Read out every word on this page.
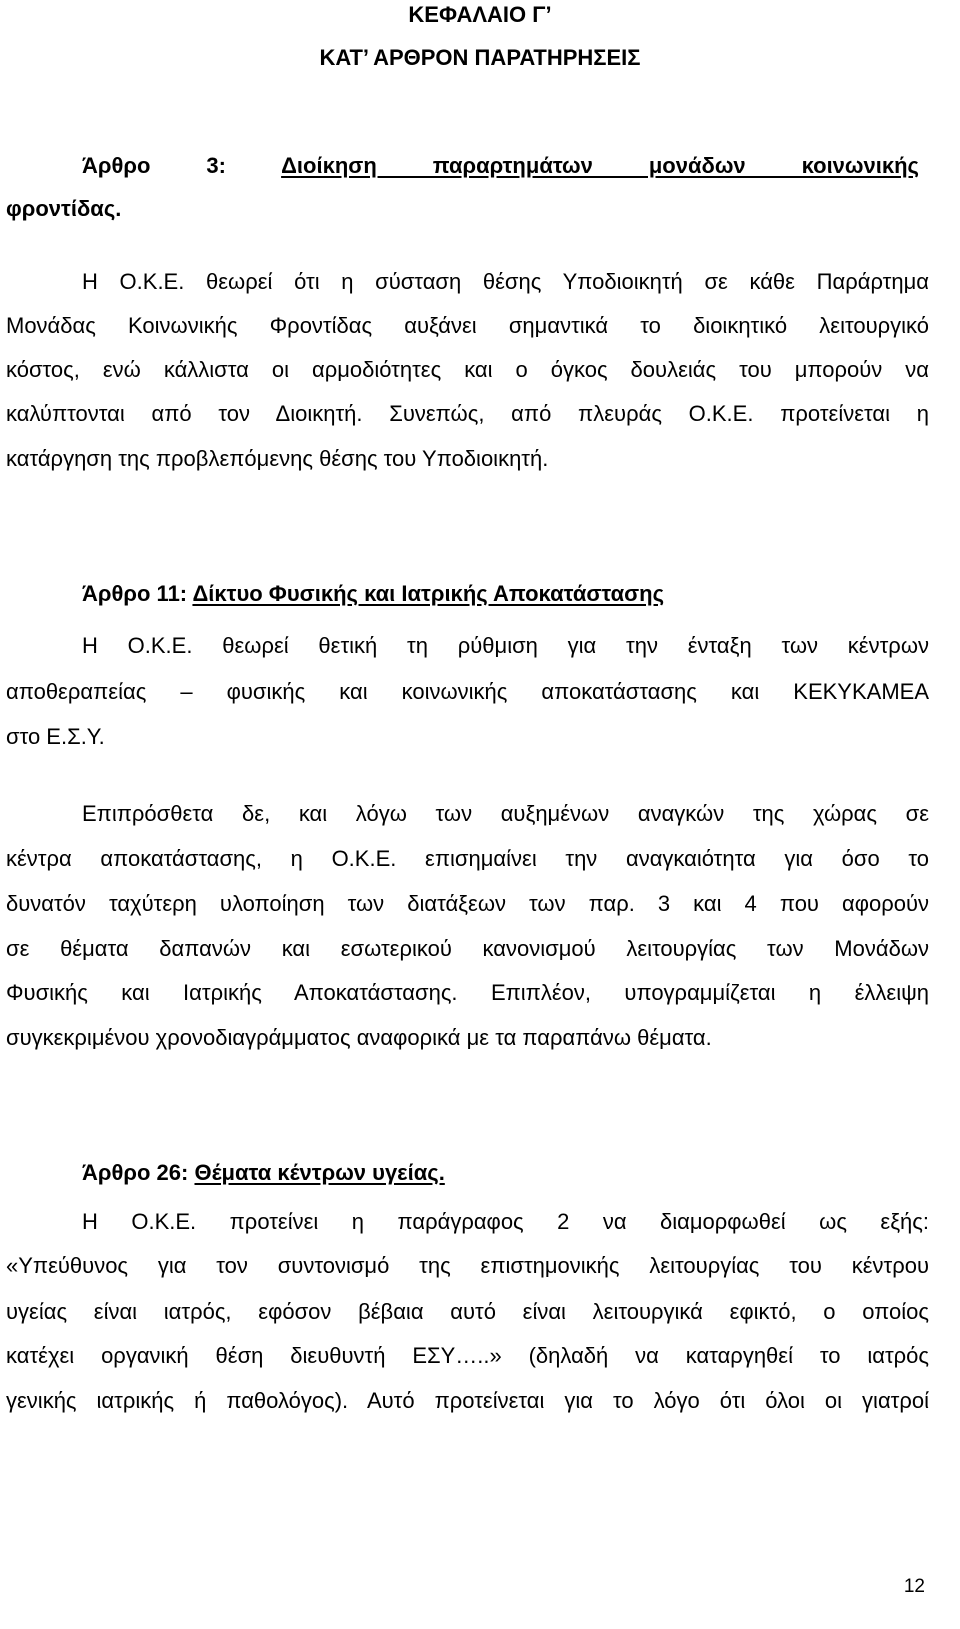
ΚΕΦΑΛΑΙΟ Γ’

ΚΑΤ’ ΑΡΘΡΟΝ ΠΑΡΑΤΗΡΗΣΕΙΣ

Άρθρο 3:	Διοίκηση παραρτημάτων μονάδων κοινωνικής

φροντίδας.

Η Ο.Κ.Ε. θεωρεί ότι η σύσταση θέσης Υποδιοικητή σε κάθε Παράρτημα

Μονάδας Κοινωνικής Φροντίδας αυξάνει σημαντικά το διοικητικό λειτουργικό

κόστος, ενώ κάλλιστα οι αρμοδιότητες και ο όγκος δουλειάς του μπορούν να

καλύπτονται από τον Διοικητή. Συνεπώς, από πλευράς Ο.Κ.Ε. προτείνεται η

κατάργηση της προβλεπόμενης θέσης του Υποδιοικητή.

Άρθρο 11: Δίκτυο Φυσικής και Ιατρικής Αποκατάστασης

Η Ο.Κ.Ε. θεωρεί θετική τη ρύθμιση για την ένταξη των κέντρων

αποθεραπείας – φυσικής και κοινωνικής αποκατάστασης και ΚΕΚΥΚΑΜΕΑ

στο Ε.Σ.Υ.

Επιπρόσθετα δε, και λόγω των αυξημένων αναγκών της χώρας σε

κέντρα αποκατάστασης, η Ο.Κ.Ε. επισημαίνει την αναγκαιότητα για όσο το

δυνατόν ταχύτερη υλοποίηση των διατάξεων των παρ. 3 και 4 που αφορούν

σε θέματα δαπανών και εσωτερικού κανονισμού λειτουργίας των Μονάδων

Φυσικής και Ιατρικής Αποκατάστασης. Επιπλέον, υπογραμμίζεται η έλλειψη

συγκεκριμένου χρονοδιαγράμματος αναφορικά με τα παραπάνω θέματα.

Άρθρο 26: Θέματα κέντρων υγείας.

Η Ο.Κ.Ε. προτείνει η παράγραφος 2 να διαμορφωθεί ως εξής:

«Υπεύθυνος για τον συντονισμό της επιστημονικής λειτουργίας του κέντρου

υγείας είναι ιατρός, εφόσον βέβαια αυτό είναι λειτουργικά εφικτό, ο οποίος

κατέχει οργανική θέση διευθυντή ΕΣΥ…..» (δηλαδή να καταργηθεί το ιατρός

γενικής ιατρικής ή παθολόγος). Αυτό προτείνεται για το λόγο ότι όλοι οι γιατροί

12
